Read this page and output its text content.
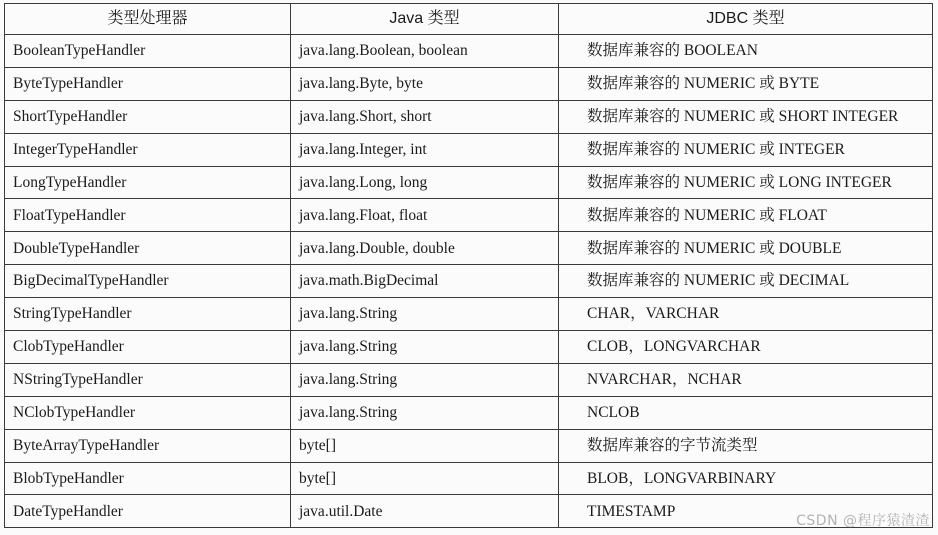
类型处理器	Java 类型	JDBC 类型
BooleanTypeHandler	java.lang.Boolean, boolean	数据库兼容的 BOOLEAN
ByteTypeHandler	java.lang.Byte, byte	数据库兼容的 NUMERIC 或 BYTE
ShortTypeHandler	java.lang.Short, short	数据库兼容的 NUMERIC 或 SHORT INTEGER
IntegerTypeHandler	java.lang.Integer, int	数据库兼容的 NUMERIC 或 INTEGER
LongTypeHandler	java.lang.Long, long	数据库兼容的 NUMERIC 或 LONG INTEGER
FloatTypeHandler	java.lang.Float, float	数据库兼容的 NUMERIC 或 FLOAT
DoubleTypeHandler	java.lang.Double, double	数据库兼容的 NUMERIC 或 DOUBLE
BigDecimalTypeHandler	java.math.BigDecimal	数据库兼容的 NUMERIC 或 DECIMAL
StringTypeHandler	java.lang.String	CHAR，VARCHAR
ClobTypeHandler	java.lang.String	CLOB，LONGVARCHAR
NStringTypeHandler	java.lang.String	NVARCHAR，NCHAR
NClobTypeHandler	java.lang.String	NCLOB
ByteArrayTypeHandler	byte[]	数据库兼容的字节流类型
BlobTypeHandler	byte[]	BLOB，LONGVARBINARY
DateTypeHandler	java.util.Date	TIMESTAMP
CSDN @程序猿渣渣
